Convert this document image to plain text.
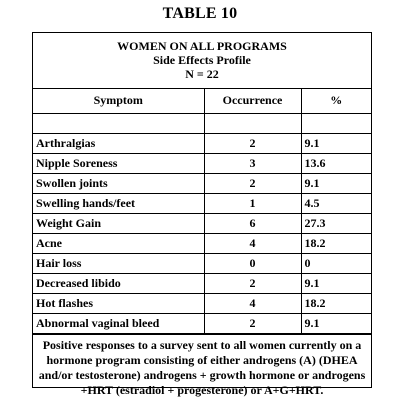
TABLE 10
WOMEN ON ALL PROGRAMS
Side Effects Profile
N = 22
Symptom	Occurrence	%

Arthralgias	2	9.1
Nipple Soreness	3	13.6
Swollen joints	2	9.1
Swelling hands/feet	1	4.5
Weight Gain	6	27.3
Acne	4	18.2
Hair loss	0	0
Decreased libido	2	9.1
Hot flashes	4	18.2
Abnormal vaginal bleed	2	9.1
Positive responses to a survey sent to all women currently on a hormone program consisting of either androgens (A) (DHEA and/or testosterone) androgens + growth hormone or androgens +HRT (estradiol + progesterone) or A+G+HRT.
